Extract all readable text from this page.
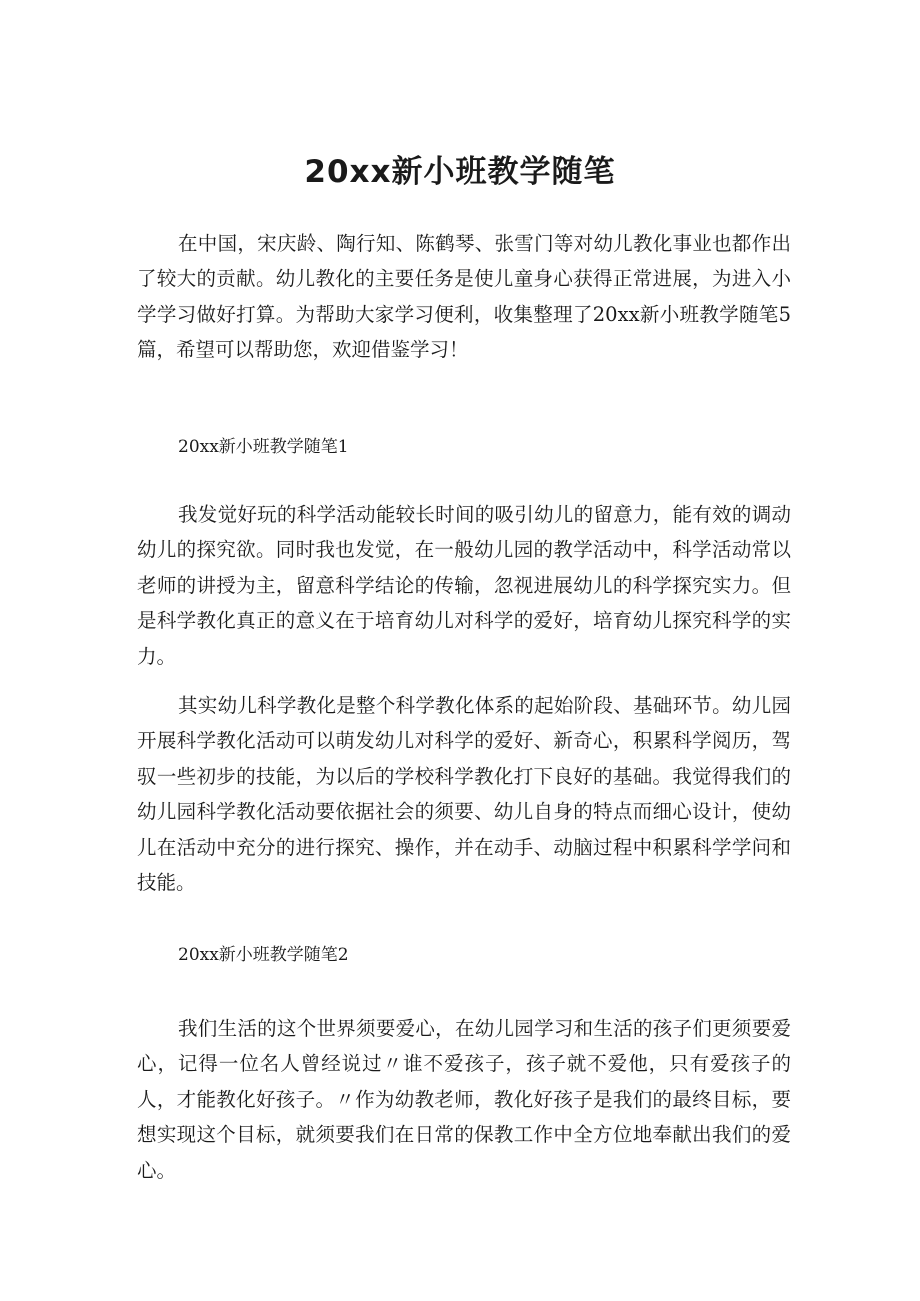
20xx新小班教学随笔

在中国，宋庆龄、陶行知、陈鹤琴、张雪门等对幼儿教化事业也都作出了较大的贡献。幼儿教化的主要任务是使儿童身心获得正常进展，为进入小学学习做好打算。为帮助大家学习便利，收集整理了20xx新小班教学随笔5篇，希望可以帮助您，欢迎借鉴学习！

20xx新小班教学随笔1

我发觉好玩的科学活动能较长时间的吸引幼儿的留意力，能有效的调动幼儿的探究欲。同时我也发觉，在一般幼儿园的教学活动中，科学活动常以老师的讲授为主，留意科学结论的传输，忽视进展幼儿的科学探究实力。但是科学教化真正的意义在于培育幼儿对科学的爱好，培育幼儿探究科学的实力。

其实幼儿科学教化是整个科学教化体系的起始阶段、基础环节。幼儿园开展科学教化活动可以萌发幼儿对科学的爱好、新奇心，积累科学阅历，驾驭一些初步的技能，为以后的学校科学教化打下良好的基础。我觉得我们的幼儿园科学教化活动要依据社会的须要、幼儿自身的特点而细心设计，使幼儿在活动中充分的进行探究、操作，并在动手、动脑过程中积累科学学问和技能。

20xx新小班教学随笔2

我们生活的这个世界须要爱心，在幼儿园学习和生活的孩子们更须要爱心，记得一位名人曾经说过〃谁不爱孩子，孩子就不爱他，只有爱孩子的人，才能教化好孩子。〃作为幼教老师，教化好孩子是我们的最终目标，要想实现这个目标，就须要我们在日常的保教工作中全方位地奉献出我们的爱心。
